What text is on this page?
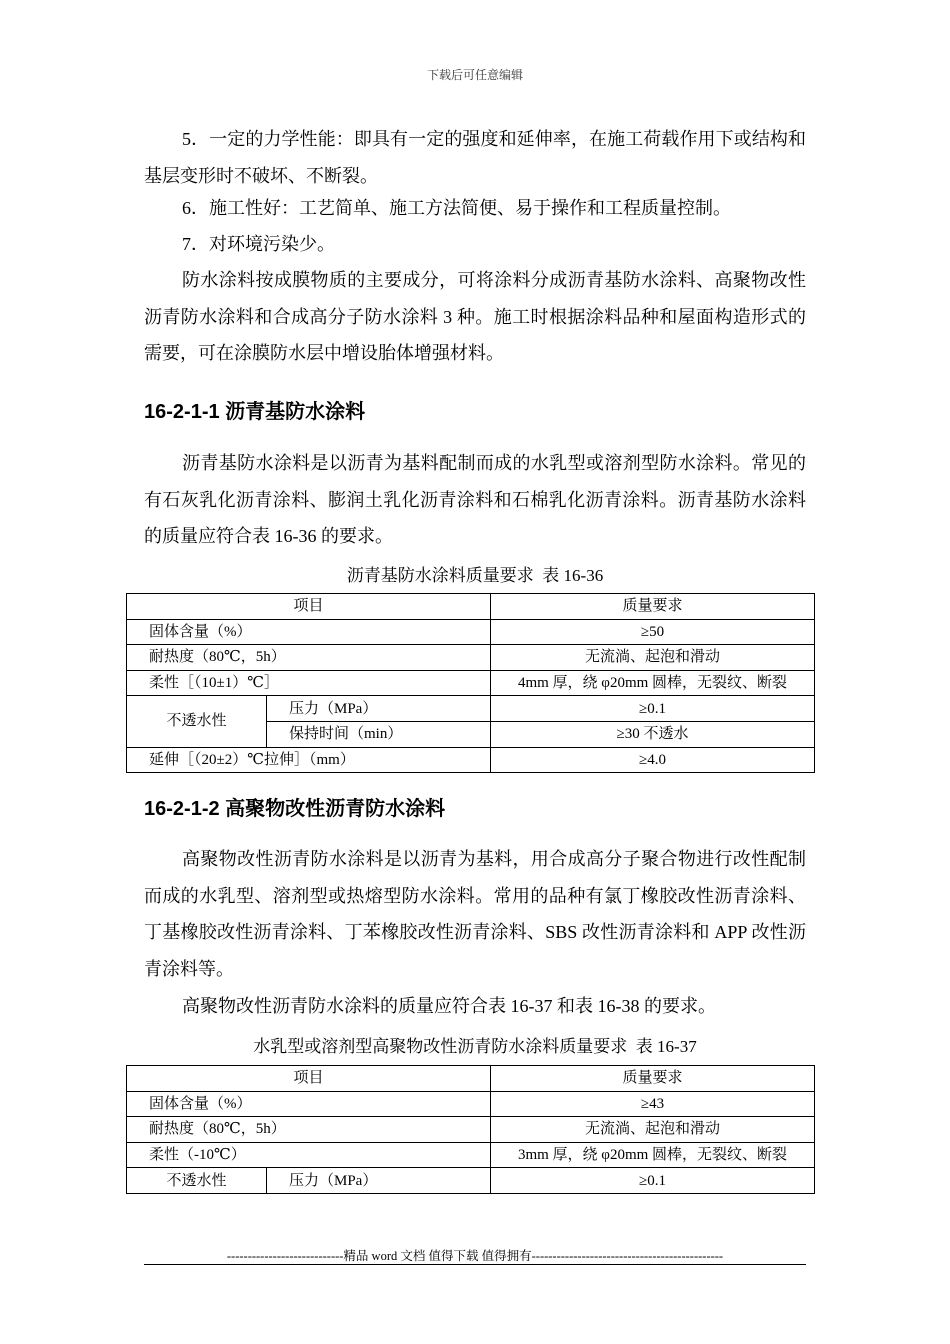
下载后可任意编辑

5．一定的力学性能：即具有一定的强度和延伸率，在施工荷载作用下或结构和基层变形时不破坏、不断裂。

6．施工性好：工艺简单、施工方法简便、易于操作和工程质量控制。

7．对环境污染少。

防水涂料按成膜物质的主要成分，可将涂料分成沥青基防水涂料、高聚物改性沥青防水涂料和合成高分子防水涂料 3 种。施工时根据涂料品种和屋面构造形式的需要，可在涂膜防水层中增设胎体增强材料。

16-2-1-1 沥青基防水涂料

沥青基防水涂料是以沥青为基料配制而成的水乳型或溶剂型防水涂料。常见的有石灰乳化沥青涂料、膨润土乳化沥青涂料和石棉乳化沥青涂料。沥青基防水涂料的质量应符合表 16-36 的要求。

沥青基防水涂料质量要求 表 16-36
项目		质量要求
固体含量（%）		≥50
耐热度（80℃，5h）		无流淌、起泡和滑动
柔性［（10±1）℃］		4mm 厚，绕 φ20mm 圆棒，无裂纹、断裂
不透水性	压力（MPa）	≥0.1
	保持时间（min）	≥30 不透水
延伸［（20±2）℃拉伸］（mm）		≥4.0
16-2-1-2 高聚物改性沥青防水涂料

高聚物改性沥青防水涂料是以沥青为基料，用合成高分子聚合物进行改性配制而成的水乳型、溶剂型或热熔型防水涂料。常用的品种有氯丁橡胶改性沥青涂料、丁基橡胶改性沥青涂料、丁苯橡胶改性沥青涂料、SBS 改性沥青涂料和 APP 改性沥青涂料等。

高聚物改性沥青防水涂料的质量应符合表 16-37 和表 16-38 的要求。

水乳型或溶剂型高聚物改性沥青防水涂料质量要求 表 16-37
项目		质量要求
固体含量（%）		≥43
耐热度（80℃，5h）		无流淌、起泡和滑动
柔性（-10℃）		3mm 厚，绕 φ20mm 圆棒，无裂纹、断裂
不透水性	压力（MPa）	≥0.1
----------------------------精品 word 文档 值得下载 值得拥有----------------------------------------------
